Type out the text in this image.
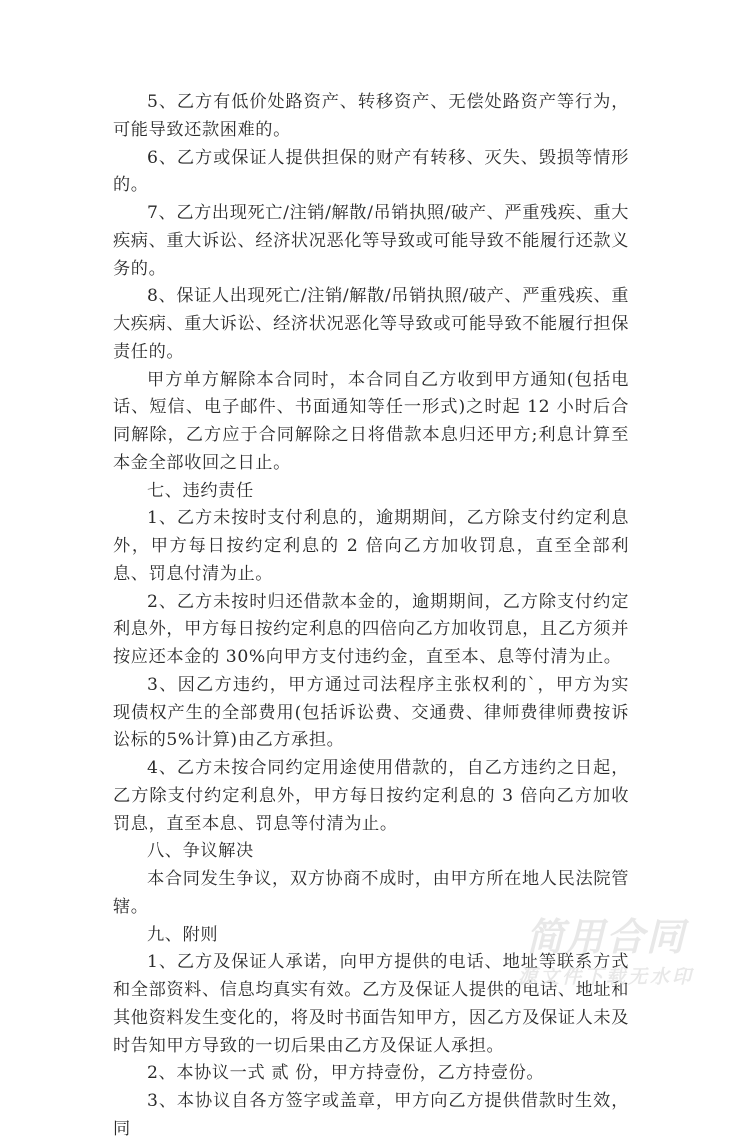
5、乙方有低价处路资产、转移资产、无偿处路资产等行为，可能导致还款困难的。

6、乙方或保证人提供担保的财产有转移、灭失、毁损等情形的。

7、乙方出现死亡/注销/解散/吊销执照/破产、严重残疾、重大疾病、重大诉讼、经济状况恶化等导致或可能导致不能履行还款义务的。

8、保证人出现死亡/注销/解散/吊销执照/破产、严重残疾、重大疾病、重大诉讼、经济状况恶化等导致或可能导致不能履行担保责任的。

甲方单方解除本合同时，本合同自乙方收到甲方通知(包括电话、短信、电子邮件、书面通知等任一形式)之时起 12 小时后合同解除，乙方应于合同解除之日将借款本息归还甲方;利息计算至本金全部收回之日止。

七、违约责任

1、乙方未按时支付利息的，逾期期间，乙方除支付约定利息外，甲方每日按约定利息的 2 倍向乙方加收罚息，直至全部利息、罚息付清为止。

2、乙方未按时归还借款本金的，逾期期间，乙方除支付约定利息外，甲方每日按约定利息的四倍向乙方加收罚息，且乙方须并按应还本金的 30%向甲方支付违约金，直至本、息等付清为止。

3、因乙方违约，甲方通过司法程序主张权利的`，甲方为实现债权产生的全部费用(包括诉讼费、交通费、律师费律师费按诉讼标的5%计算)由乙方承担。

4、乙方未按合同约定用途使用借款的，自乙方违约之日起，乙方除支付约定利息外，甲方每日按约定利息的 3 倍向乙方加收罚息，直至本息、罚息等付清为止。

八、争议解决

本合同发生争议，双方协商不成时，由甲方所在地人民法院管辖。

九、附则

1、乙方及保证人承诺，向甲方提供的电话、地址等联系方式和全部资料、信息均真实有效。乙方及保证人提供的电话、地址和其他资料发生变化的，将及时书面告知甲方，因乙方及保证人未及时告知甲方导致的一切后果由乙方及保证人承担。

2、本协议一式 贰 份，甲方持壹份，乙方持壹份。

3、本协议自各方签字或盖章，甲方向乙方提供借款时生效，同

简用合同
源文件下载无水印
